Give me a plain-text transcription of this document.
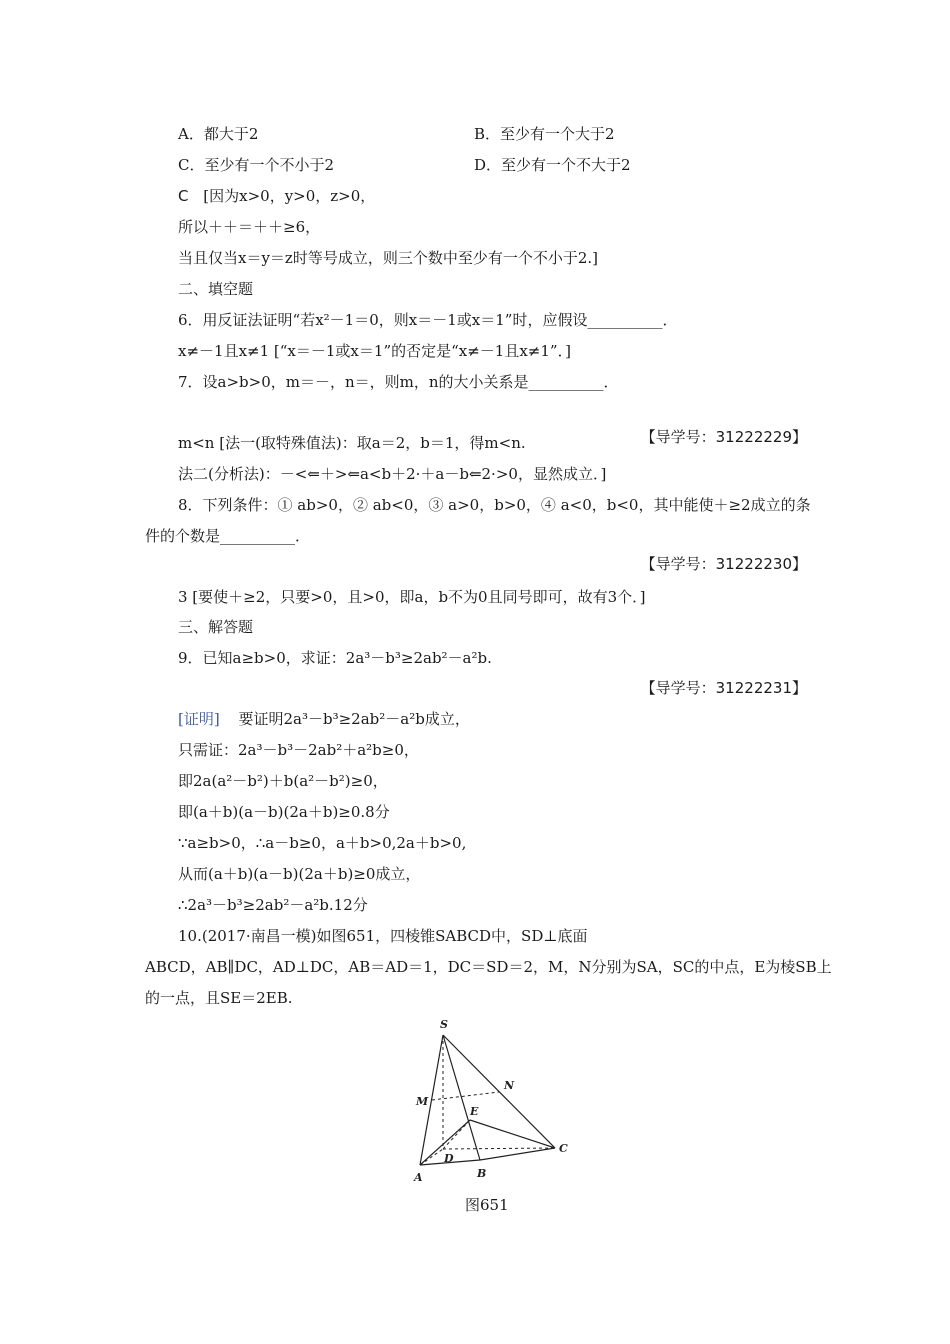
A．都大于2	B．至少有一个大于2
C．至少有一个不小于2	D．至少有一个不大于2
C [因为x>0，y>0，z>0，
所以＋＋＝＋＋≥6，
当且仅当x＝y＝z时等号成立，则三个数中至少有一个不小于2.]
二、填空题
6．用反证法证明“若x²－1＝0，则x＝－1或x＝1”时，应假设__________．
x≠－1且x≠1 [“x＝－1或x＝1”的否定是“x≠－1且x≠1”．]
7．设a>b>0，m＝－，n＝，则m，n的大小关系是__________．
【导学号：31222229】
m<n [法一(取特殊值法)：取a＝2，b＝1，得m<n.
法二(分析法)：－<⇐＋>⇐a<b＋2·＋a－b⇐2·>0，显然成立．]
8．下列条件：① ab>0，② ab<0，③ a>0，b>0，④ a<0，b<0，其中能使＋≥2成立的条
件的个数是__________．
【导学号：31222230】
3 [要使＋≥2，只要>0，且>0，即a，b不为0且同号即可，故有3个．]
三、解答题
9．已知a≥b>0，求证：2a³－b³≥2ab²－a²b.
【导学号：31222231】
[证明] 要证明2a³－b³≥2ab²－a²b成立，
只需证：2a³－b³－2ab²＋a²b≥0，
即2a(a²－b²)＋b(a²－b²)≥0，
即(a＋b)(a－b)(2a＋b)≥0.8分
∵a≥b>0，∴a－b≥0，a＋b>0,2a＋b>0,
从而(a＋b)(a－b)(2a＋b)≥0成立，
∴2a³－b³≥2ab²－a²b.12分
10.(2017·南昌一模)如图651，四棱锥SABCD中，SD⊥底面
ABCD，AB∥DC，AD⊥DC，AB＝AD＝1，DC＝SD＝2，M，N分别为SA，SC的中点，E为棱SB上
的一点，且SE＝2EB.
S
N
M
E
D
C
A	B
图651
